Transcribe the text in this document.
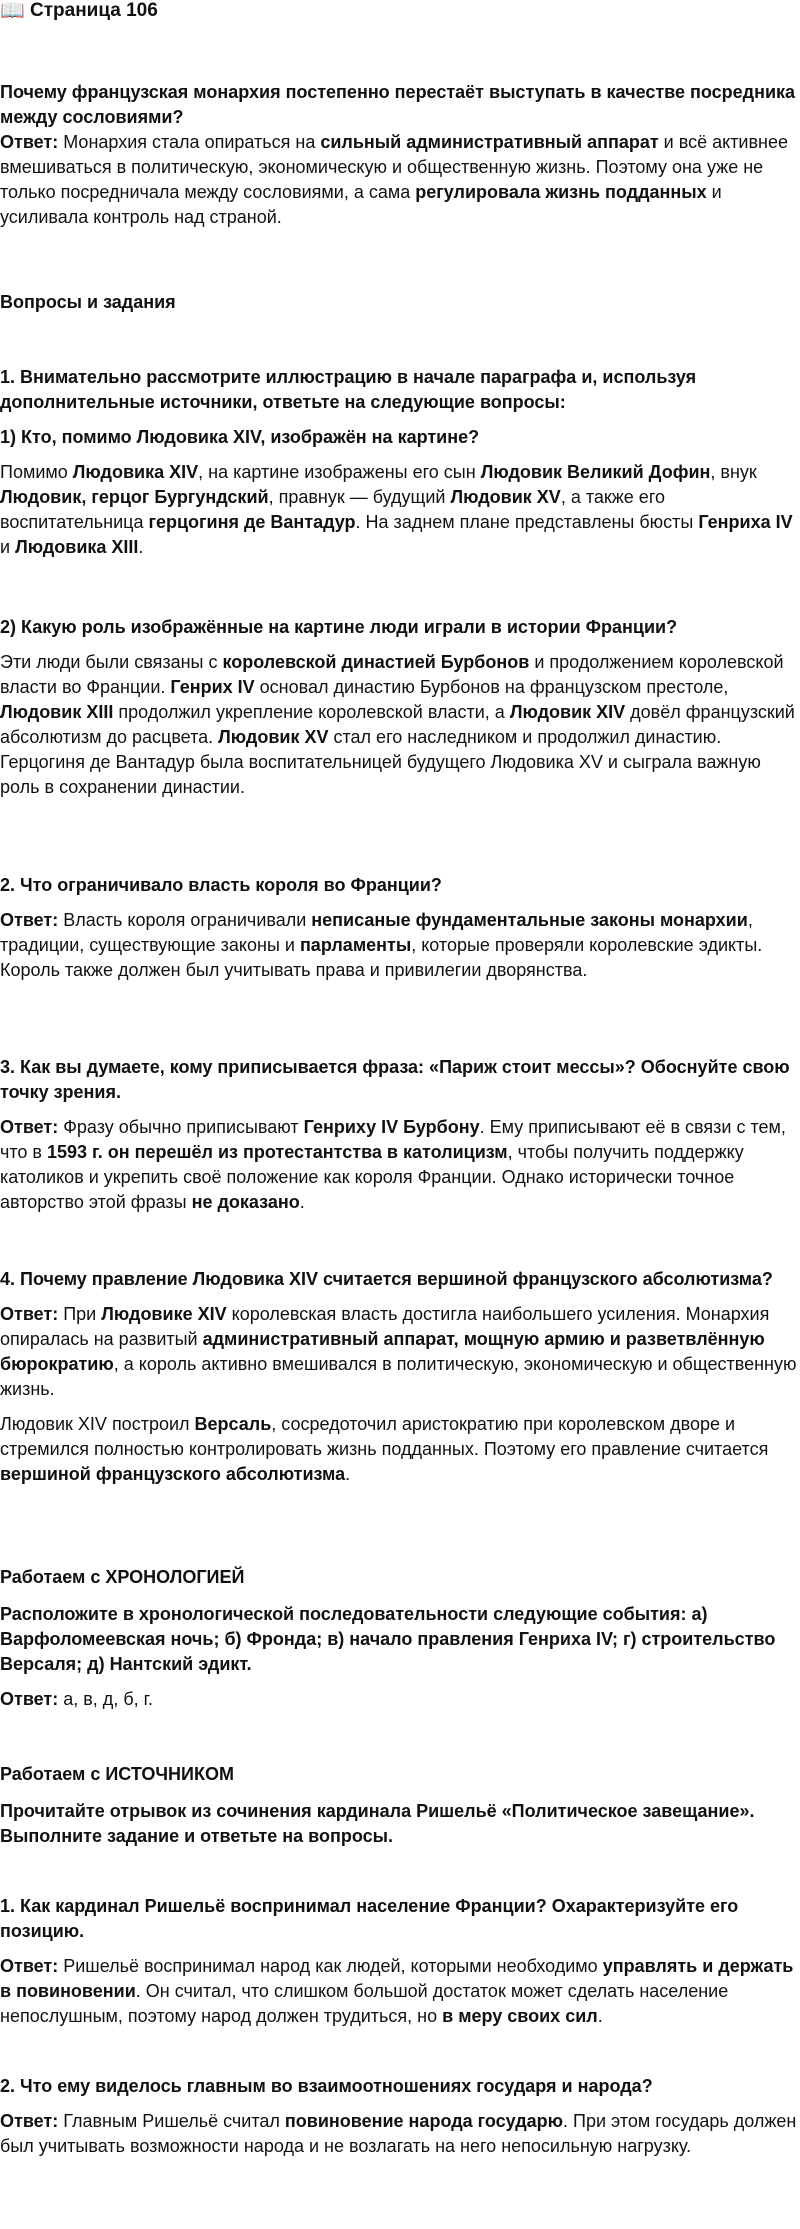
📖 Страница 106

Почему французская монархия постепенно перестаёт выступать в качестве посредника между сословиями?

Ответ: Монархия стала опираться на сильный административный аппарат и всё активнее вмешиваться в политическую, экономическую и общественную жизнь. Поэтому она уже не только посредничала между сословиями, а сама регулировала жизнь подданных и усиливала контроль над страной.

Вопросы и задания

1. Внимательно рассмотрите иллюстрацию в начале параграфа и, используя дополнительные источники, ответьте на следующие вопросы:

1) Кто, помимо Людовика XIV, изображён на картине?

Помимо Людовика XIV, на картине изображены его сын Людовик Великий Дофин, внук Людовик, герцог Бургундский, правнук — будущий Людовик XV, а также его воспитательница герцогиня де Вантадур. На заднем плане представлены бюсты Генриха IV и Людовика XIII.

2) Какую роль изображённые на картине люди играли в истории Франции?

Эти люди были связаны с королевской династией Бурбонов и продолжением королевской власти во Франции. Генрих IV основал династию Бурбонов на французском престоле, Людовик XIII продолжил укрепление королевской власти, а Людовик XIV довёл французский абсолютизм до расцвета. Людовик XV стал его наследником и продолжил династию. Герцогиня де Вантадур была воспитательницей будущего Людовика XV и сыграла важную роль в сохранении династии.

2. Что ограничивало власть короля во Франции?

Ответ: Власть короля ограничивали неписаные фундаментальные законы монархии, традиции, существующие законы и парламенты, которые проверяли королевские эдикты. Король также должен был учитывать права и привилегии дворянства.

3. Как вы думаете, кому приписывается фраза: «Париж стоит мессы»? Обоснуйте свою точку зрения.

Ответ: Фразу обычно приписывают Генриху IV Бурбону. Ему приписывают её в связи с тем, что в 1593 г. он перешёл из протестантства в католицизм, чтобы получить поддержку католиков и укрепить своё положение как короля Франции. Однако исторически точное авторство этой фразы не доказано.

4. Почему правление Людовика XIV считается вершиной французского абсолютизма?

Ответ: При Людовике XIV королевская власть достигла наибольшего усиления. Монархия опиралась на развитый административный аппарат, мощную армию и разветвлённую бюрократию, а король активно вмешивался в политическую, экономическую и общественную жизнь.

Людовик XIV построил Версаль, сосредоточил аристократию при королевском дворе и стремился полностью контролировать жизнь подданных. Поэтому его правление считается вершиной французского абсолютизма.

Работаем с ХРОНОЛОГИЕЙ

Расположите в хронологической последовательности следующие события: а) Варфоломеевская ночь; б) Фронда; в) начало правления Генриха IV; г) строительство Версаля; д) Нантский эдикт.

Ответ: а, в, д, б, г.

Работаем с ИСТОЧНИКОМ

Прочитайте отрывок из сочинения кардинала Ришельё «Политическое завещание». Выполните задание и ответьте на вопросы.

1. Как кардинал Ришельё воспринимал население Франции? Охарактеризуйте его позицию.

Ответ: Ришельё воспринимал народ как людей, которыми необходимо управлять и держать в повиновении. Он считал, что слишком большой достаток может сделать население непослушным, поэтому народ должен трудиться, но в меру своих сил.

2. Что ему виделось главным во взаимоотношениях государя и народа?

Ответ: Главным Ришельё считал повиновение народа государю. При этом государь должен был учитывать возможности народа и не возлагать на него непосильную нагрузку.
